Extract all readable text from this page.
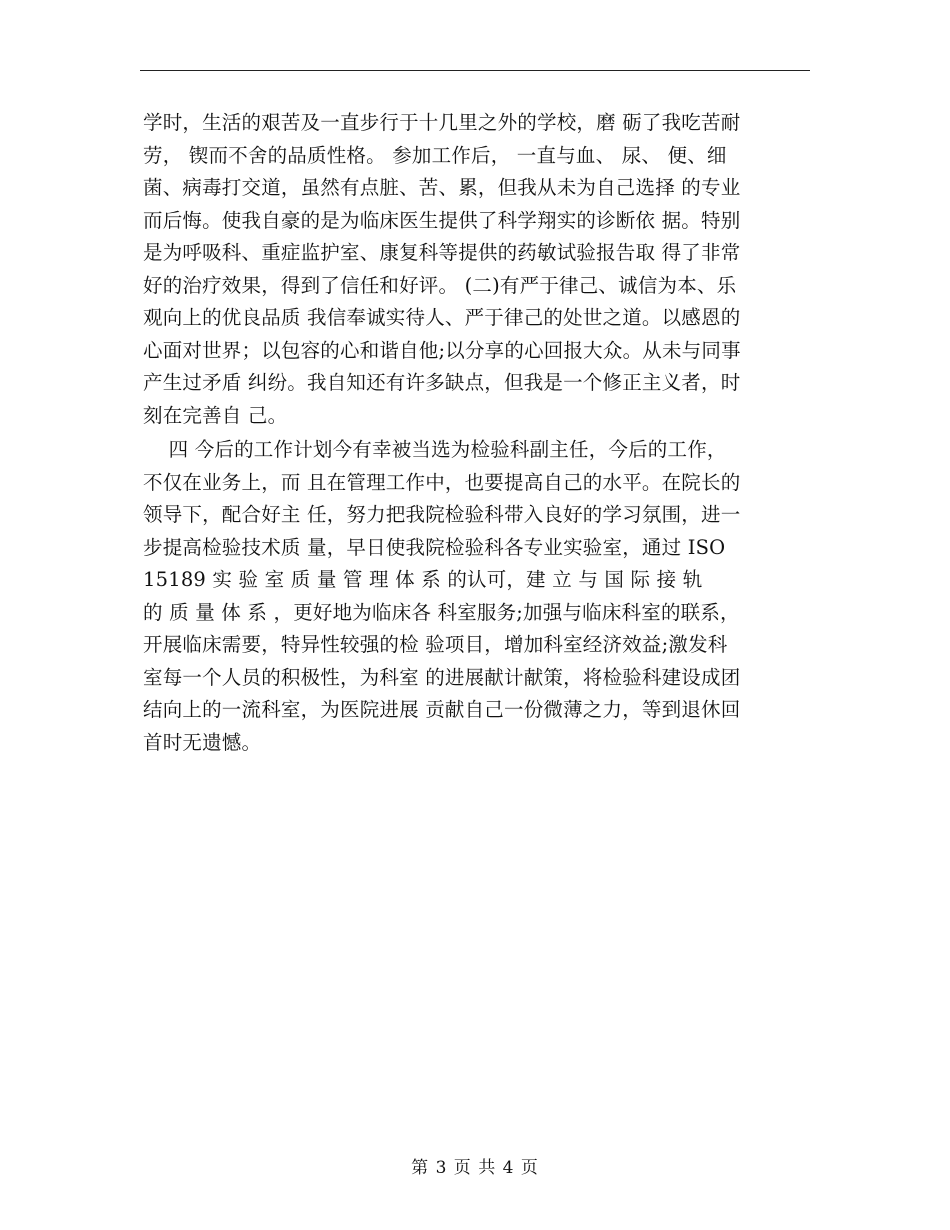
学时，生活的艰苦及一直步行于十几里之外的学校，磨 砺了我吃苦耐
劳， 锲而不舍的品质性格。 参加工作后， 一直与血、 尿、 便、细
菌、病毒打交道，虽然有点脏、苦、累，但我从未为自己选择 的专业
而后悔。使我自豪的是为临床医生提供了科学翔实的诊断依 据。特别
是为呼吸科、重症监护室、康复科等提供的药敏试验报告取 得了非常
好的治疗效果，得到了信任和好评。 (二)有严于律己、诚信为本、乐
观向上的优良品质 我信奉诚实待人、严于律己的处世之道。以感恩的
心面对世界；以包容的心和谐自他;以分享的心回报大众。从未与同事
产生过矛盾 纠纷。我自知还有许多缺点，但我是一个修正主义者，时
刻在完善自 己。
四 今后的工作计划今有幸被当选为检验科副主任，今后的工作，
不仅在业务上，而 且在管理工作中，也要提高自己的水平。在院长的
领导下，配合好主 任，努力把我院检验科带入良好的学习氛围，进一
步提高检验技术质 量，早日使我院检验科各专业实验室，通过 ISO
15189 实 验 室 质 量 管 理 体 系 的认可，建 立 与 国 际 接 轨
的 质 量 体 系 ，更好地为临床各 科室服务;加强与临床科室的联系，
开展临床需要，特异性较强的检 验项目，增加科室经济效益;激发科
室每一个人员的积极性，为科室 的进展献计献策，将检验科建设成团
结向上的一流科室，为医院进展 贡献自己一份微薄之力，等到退休回
首时无遗憾。
第 3 页 共 4 页
